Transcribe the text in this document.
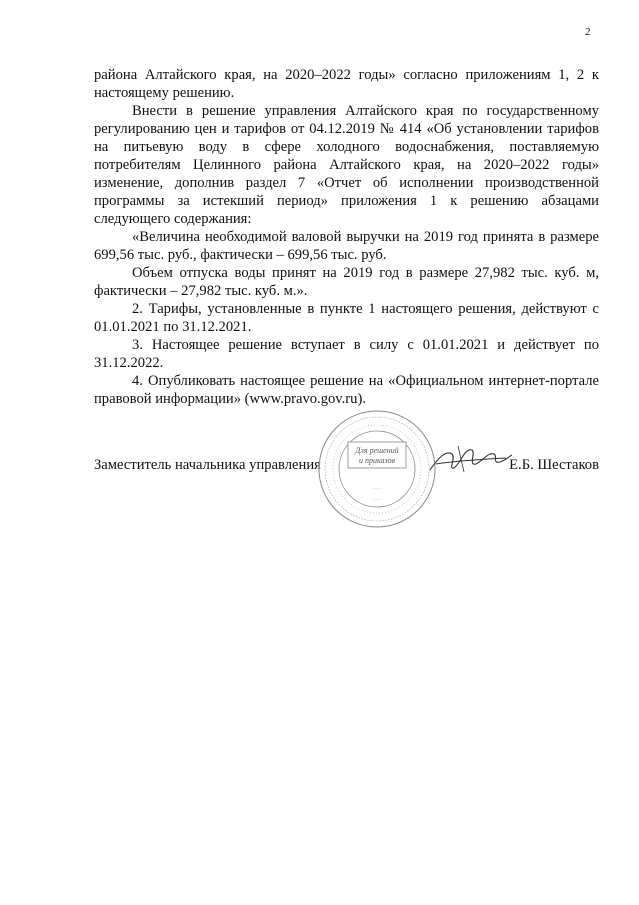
2

района Алтайского края, на 2020–2022 годы» согласно приложениям 1, 2 к настоящему решению.

Внести в решение управления Алтайского края по государственному регулированию цен и тарифов от 04.12.2019 № 414 «Об установлении тарифов на питьевую воду в сфере холодного водоснабжения, поставляемую потребителям Целинного района Алтайского края, на 2020–2022 годы» изменение, дополнив раздел 7 «Отчет об исполнении производственной программы за истекший период» приложения 1 к решению абзацами следующего содержания:

«Величина необходимой валовой выручки на 2019 год принята в размере 699,56 тыс. руб., фактически – 699,56 тыс. руб.

Объем отпуска воды принят на 2019 год в размере 27,982 тыс. куб. м, фактически – 27,982 тыс. куб. м.».

2. Тарифы, установленные в пункте 1 настоящего решения, действуют с 01.01.2021 по 31.12.2021.

3. Настоящее решение вступает в силу с 01.01.2021 и действует по 31.12.2022.

4. Опубликовать настоящее решение на «Официальном интернет-портале правовой информации» (www.pravo.gov.ru).

Заместитель начальника управления	Е.Б. Шестаков
Для решений
и приказов
·····
·····
